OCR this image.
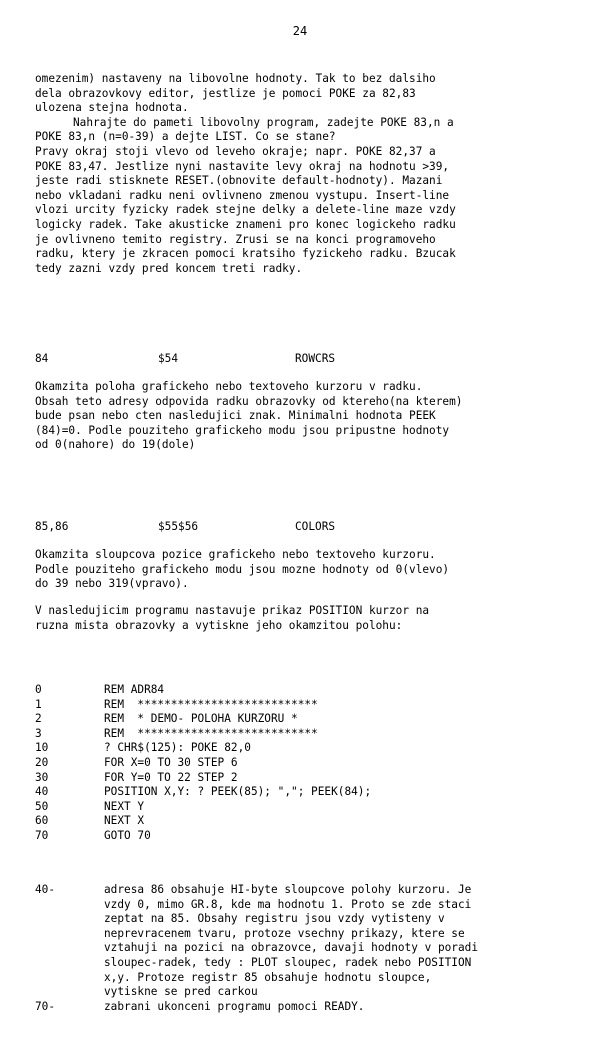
24
omezenim) nastaveny na libovolne hodnoty. Tak to bez dalsiho
dela obrazovkovy editor, jestlize je pomoci POKE za 82,83
ulozena stejna hodnota.
Nahrajte do pameti libovolny program, zadejte POKE 83,n a
POKE 83,n (n=0-39) a dejte LIST. Co se stane?
Pravy okraj stoji vlevo od leveho okraje; napr. POKE 82,37 a
POKE 83,47. Jestlize nyni nastavite levy okraj na hodnotu >39,
jeste radi stisknete RESET.(obnovite default-hodnoty). Mazani
nebo vkladani radku neni ovlivneno zmenou vystupu. Insert-line
vlozi urcity fyzicky radek stejne delky a delete-line maze vzdy
logicky radek. Take akusticke znameni pro konec logickeho radku
je ovlivneno temito registry. Zrusi se na konci programoveho
radku, ktery je zkracen pomoci kratsiho fyzickeho radku. Bzucak
tedy zazni vzdy pred koncem treti radky.
84	$54	ROWCRS
Okamzita poloha grafickeho nebo textoveho kurzoru v radku.
Obsah teto adresy odpovida radku obrazovky od ktereho(na kterem)
bude psan nebo cten nasledujici znak. Minimalni hodnota PEEK
(84)=0. Podle pouziteho grafickeho modu jsou pripustne hodnoty
od 0(nahore) do 19(dole)
85,86	$55$56	COLORS
Okamzita sloupcova pozice grafickeho nebo textoveho kurzoru.
Podle pouziteho grafickeho modu jsou mozne hodnoty od 0(vlevo)
do 39 nebo 319(vpravo).
V nasledujicim programu nastavuje prikaz POSITION kurzor na
ruzna mista obrazovky a vytiskne jeho okamzitou polohu:
0	REM ADR84
1	REM  ***************************
2	REM  * DEMO- POLOHA KURZORU *
3	REM  ***************************
10	? CHR$(125): POKE 82,0
20	FOR X=0 TO 30 STEP 6
30	FOR Y=0 TO 22 STEP 2
40	POSITION X,Y: ? PEEK(85); ","; PEEK(84);
50	NEXT Y
60	NEXT X
70	GOTO 70
40-	adresa 86 obsahuje HI-byte sloupcove polohy kurzoru. Je
vzdy 0, mimo GR.8, kde ma hodnotu 1. Proto se zde staci
zeptat na 85. Obsahy registru jsou vzdy vytisteny v
neprevracenem tvaru, protoze vsechny prikazy, ktere se
vztahuji na pozici na obrazovce, davaji hodnoty v poradi
sloupec-radek, tedy : PLOT sloupec, radek nebo POSITION
x,y. Protoze registr 85 obsahuje hodnotu sloupce,
vytiskne se pred carkou
70-	zabrani ukonceni programu pomoci READY.
